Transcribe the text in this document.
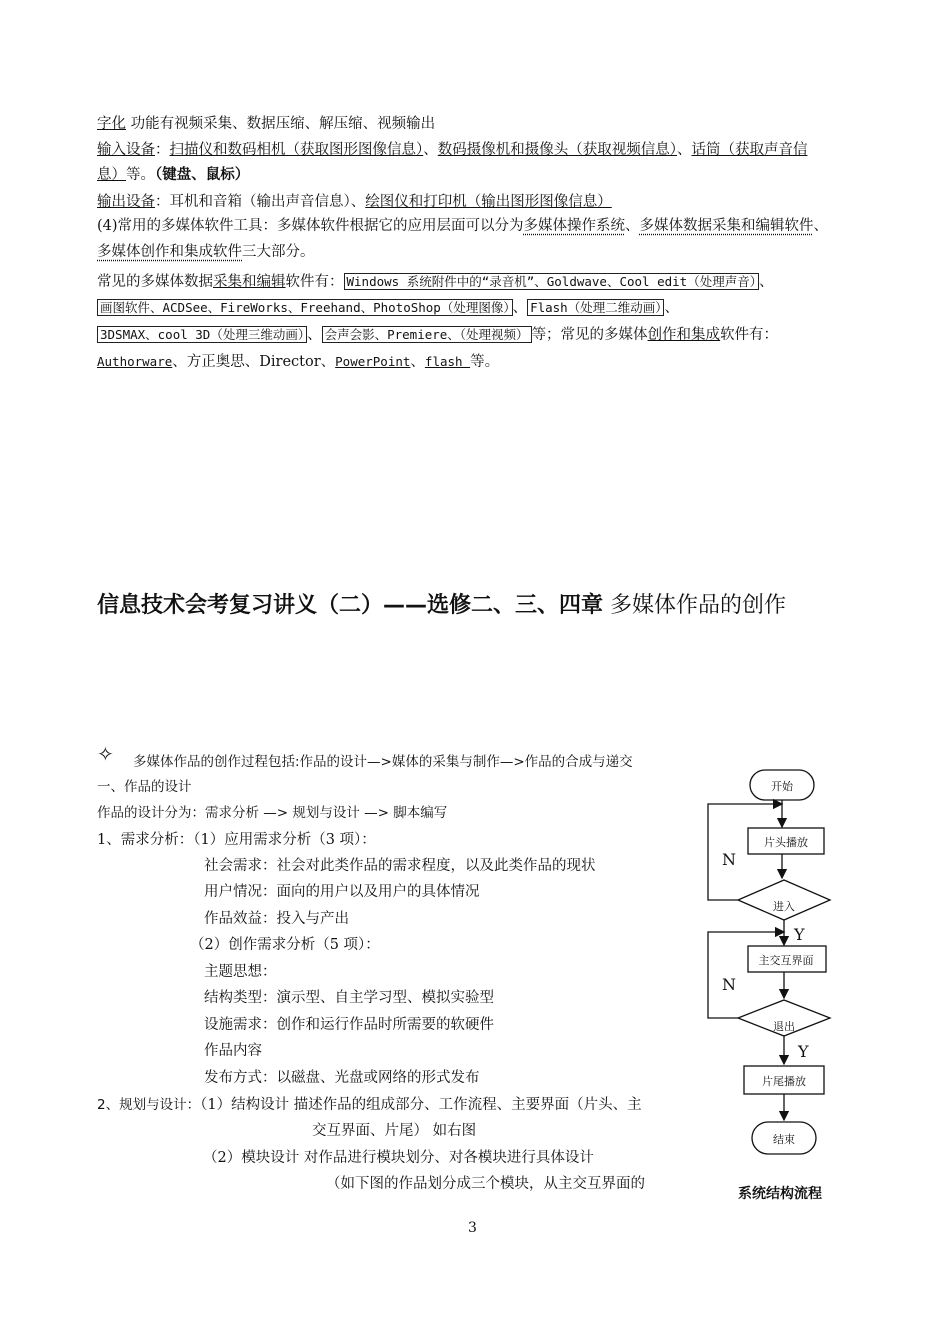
字化 功能有视频采集、数据压缩、解压缩、视频输出
输入设备：扫描仪和数码相机（获取图形图像信息）、数码摄像机和摄像头（获取视频信息）、话筒（获取声音信
息）等。（键盘、鼠标）
输出设备：耳机和音箱（输出声音信息）、绘图仪和打印机（输出图形图像信息）
(4)常用的多媒体软件工具：多媒体软件根据它的应用层面可以分为多媒体操作系统、多媒体数据采集和编辑软件、
多媒体创作和集成软件三大部分。
常见的多媒体数据采集和编辑软件有： Windows 系统附件中的“录音机”、Goldwave、Cool edit（处理声音） 、
画图软件、ACDSee、FireWorks、Freehand、PhotoShop（处理图像） 、 Flash（处理二维动画） 、
3DSMAX、cool 3D（处理三维动画） 、 会声会影、Premiere、（处理视频） 等；常见的多媒体创作和集成软件有：
Authorware、方正奥思、Director、PowerPoint、flash 等。
信息技术会考复习讲义（二）——选修二、三、四章 多媒体作品的创作
✧ 多媒体作品的创作过程包括:作品的设计—>媒体的采集与制作—>作品的合成与递交
一、作品的设计
作品的设计分为：需求分析 —> 规划与设计 —> 脚本编写
1、需求分析：（1）应用需求分析（3 项）：
社会需求：社会对此类作品的需求程度，以及此类作品的现状
用户情况：面向的用户以及用户的具体情况
作品效益：投入与产出
（2）创作需求分析（5 项）：
主题思想：
结构类型：演示型、自主学习型、模拟实验型
设施需求：创作和运行作品时所需要的软硬件
作品内容
发布方式：以磁盘、光盘或网络的形式发布
2、规划与设计：（1）结构设计 描述作品的组成部分、工作流程、主要界面（片头、主
交互界面、片尾） 如右图
（2）模块设计 对作品进行模块划分、对各模块进行具体设计
（如下图的作品划分成三个模块，从主交互界面的
开始
片头播放
进入
主交互界面
退出
片尾播放
结束
N
Y
N
Y
系统结构流程
3
